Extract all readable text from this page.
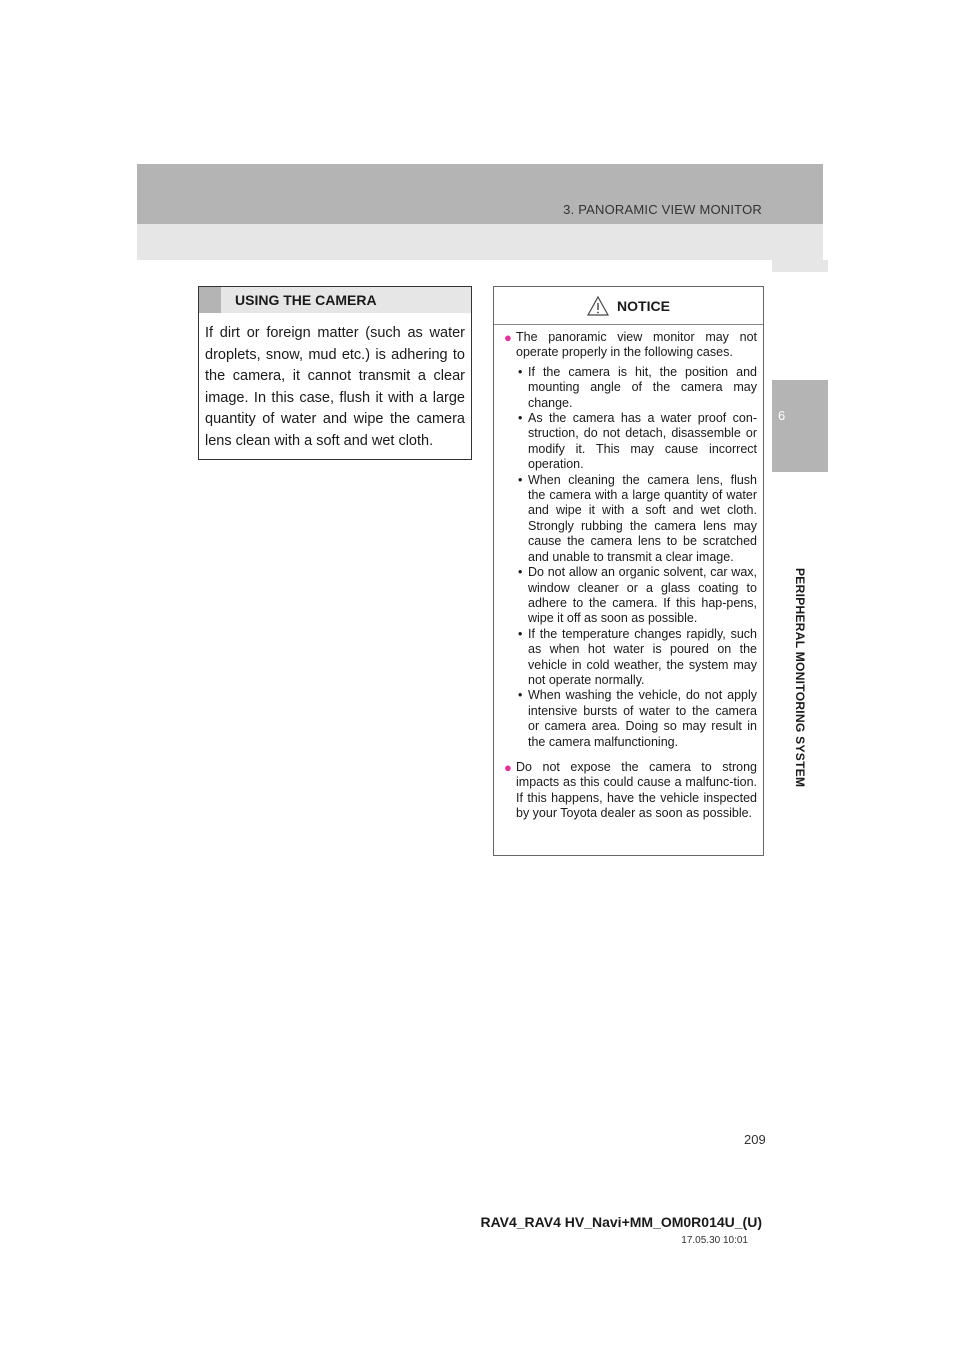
3. PANORAMIC VIEW MONITOR
6
PERIPHERAL MONITORING SYSTEM
USING THE CAMERA
If dirt or foreign matter (such as water droplets, snow, mud etc.) is adhering to the camera, it cannot transmit a clear image. In this case, flush it with a large quantity of water and wipe the camera lens clean with a soft and wet cloth.
NOTICE
● The panoramic view monitor may not operate properly in the following cases.
• If the camera is hit, the position and mounting angle of the camera may change.
• As the camera has a water proof con-struction, do not detach, disassemble or modify it. This may cause incorrect operation.
• When cleaning the camera lens, flush the camera with a large quantity of water and wipe it with a soft and wet cloth. Strongly rubbing the camera lens may cause the camera lens to be scratched and unable to transmit a clear image.
• Do not allow an organic solvent, car wax, window cleaner or a glass coating to adhere to the camera. If this hap-pens, wipe it off as soon as possible.
• If the temperature changes rapidly, such as when hot water is poured on the vehicle in cold weather, the system may not operate normally.
• When washing the vehicle, do not apply intensive bursts of water to the camera or camera area. Doing so may result in the camera malfunctioning.
● Do not expose the camera to strong impacts as this could cause a malfunc-tion. If this happens, have the vehicle inspected by your Toyota dealer as soon as possible.
209
RAV4_RAV4 HV_Navi+MM_OM0R014U_(U)
17.05.30 10:01
